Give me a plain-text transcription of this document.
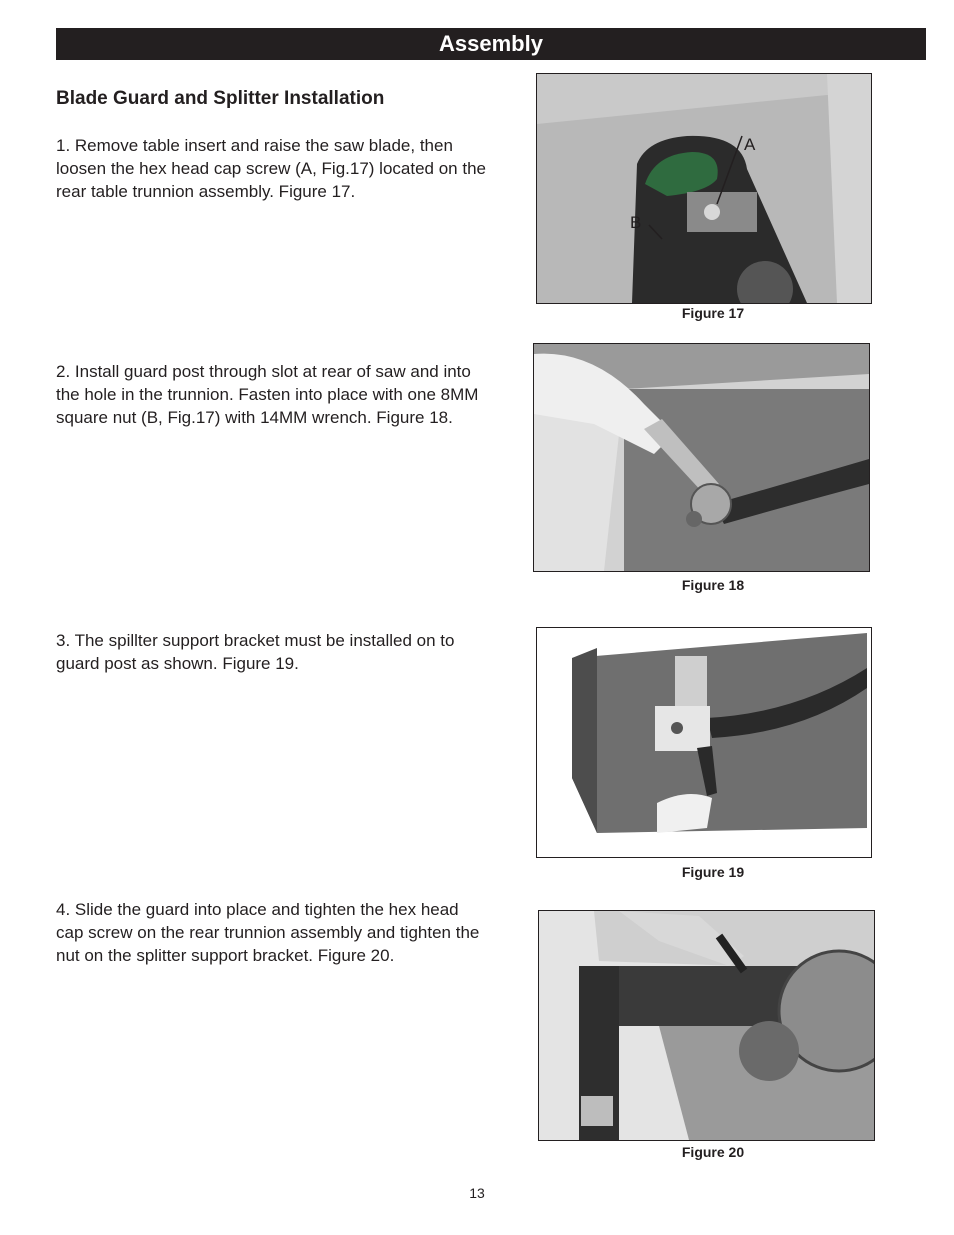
Assembly
Blade Guard and Splitter Installation
1. Remove table insert and raise the saw blade, then loosen the hex head cap screw (A, Fig.17) located on the rear table trunnion assembly. Figure 17.
A
B
Figure 17
2. Install guard post through slot at rear of saw and into the hole in the trunnion. Fasten into place with one 8MM square nut (B, Fig.17) with 14MM wrench. Figure 18.
Figure 18
3. The spillter support bracket must be installed on to guard post as shown. Figure 19.
Figure 19
4. Slide the guard into place and tighten the hex head cap screw on the rear trunnion assembly and tighten the nut on the splitter support bracket. Figure 20.
Figure 20
13
